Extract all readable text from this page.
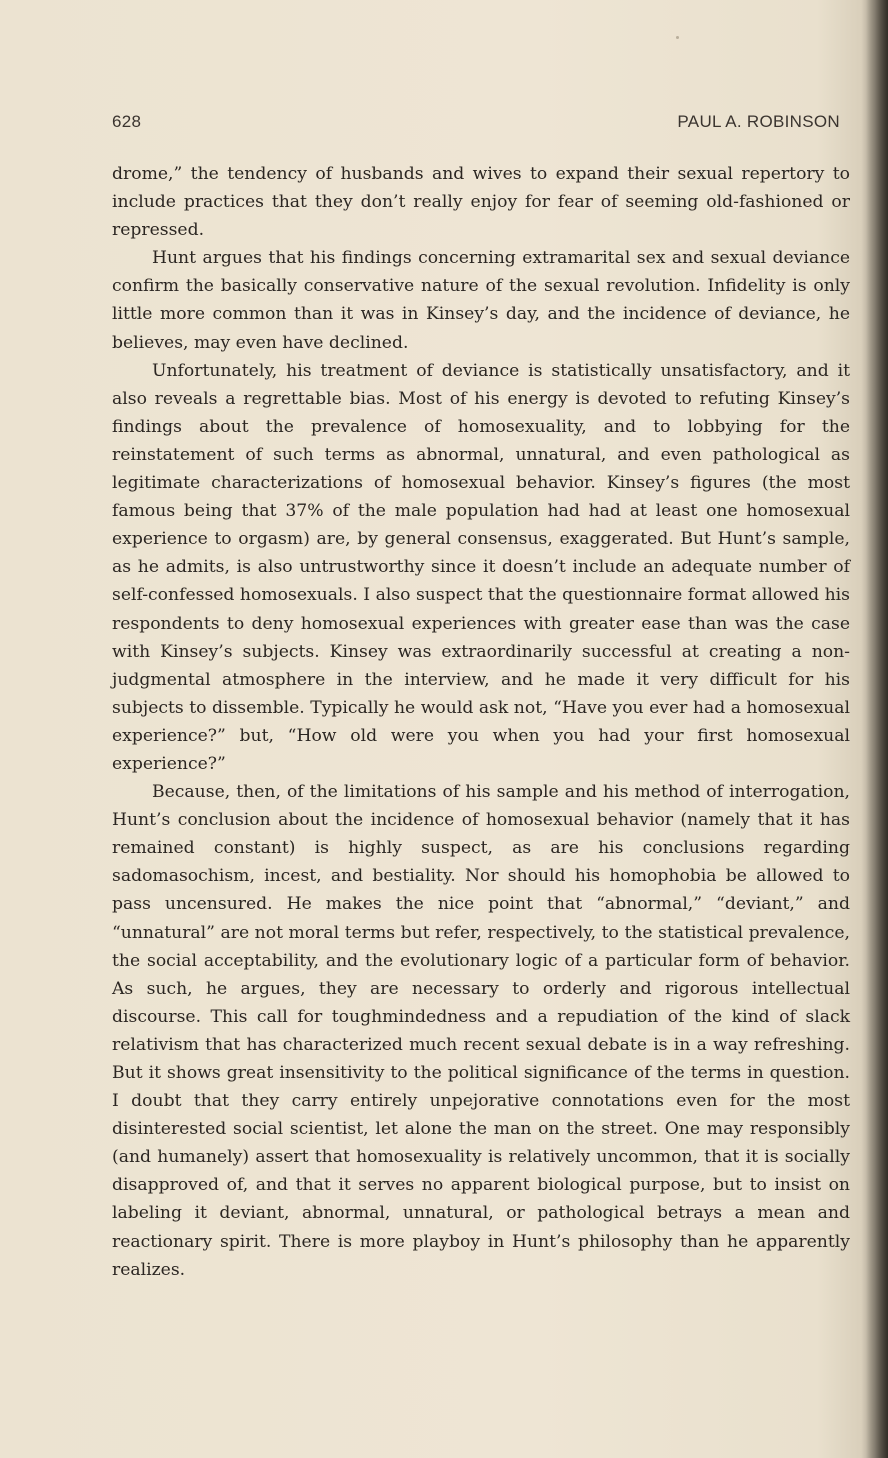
628	PAUL A. ROBINSON

drome,” the tendency of husbands and wives to expand their sexual repertory to include practices that they don’t really enjoy for fear of seeming old-fashioned or repressed.

Hunt argues that his findings concerning extramarital sex and sexual deviance confirm the basically conservative nature of the sexual revolution. Infidelity is only little more common than it was in Kinsey’s day, and the incidence of deviance, he believes, may even have declined.

Unfortunately, his treatment of deviance is statistically unsatisfactory, and it also reveals a regrettable bias. Most of his energy is devoted to refuting Kinsey’s findings about the prevalence of homosexuality, and to lobbying for the reinstatement of such terms as abnormal, unnatural, and even pathological as legitimate characterizations of homosexual behavior. Kinsey’s figures (the most famous being that 37% of the male population had had at least one homosexual experience to orgasm) are, by general consensus, exaggerated. But Hunt’s sample, as he admits, is also untrustworthy since it doesn’t include an adequate number of self-confessed homosexuals. I also suspect that the questionnaire format allowed his respondents to deny homosexual experiences with greater ease than was the case with Kinsey’s subjects. Kinsey was extraordinarily successful at creating a non-judgmental atmosphere in the interview, and he made it very difficult for his subjects to dissemble. Typically he would ask not, “Have you ever had a homosexual experience?” but, “How old were you when you had your first homosexual experience?”

Because, then, of the limitations of his sample and his method of interrogation, Hunt’s conclusion about the incidence of homosexual behavior (namely that it has remained constant) is highly suspect, as are his conclusions regarding sadomasochism, incest, and bestiality. Nor should his homophobia be allowed to pass uncensured. He makes the nice point that “abnormal,” “deviant,” and “unnatural” are not moral terms but refer, respectively, to the statistical prevalence, the social acceptability, and the evolutionary logic of a particular form of behavior. As such, he argues, they are necessary to orderly and rigorous intellectual discourse. This call for toughmindedness and a repudiation of the kind of slack relativism that has characterized much recent sexual debate is in a way refreshing. But it shows great insensitivity to the political significance of the terms in question. I doubt that they carry entirely unpejorative connotations even for the most disinterested social scientist, let alone the man on the street. One may responsibly (and humanely) assert that homosexuality is relatively uncommon, that it is socially disapproved of, and that it serves no apparent biological purpose, but to insist on labeling it deviant, abnormal, unnatural, or pathological betrays a mean and reactionary spirit. There is more playboy in Hunt’s philosophy than he apparently realizes.
